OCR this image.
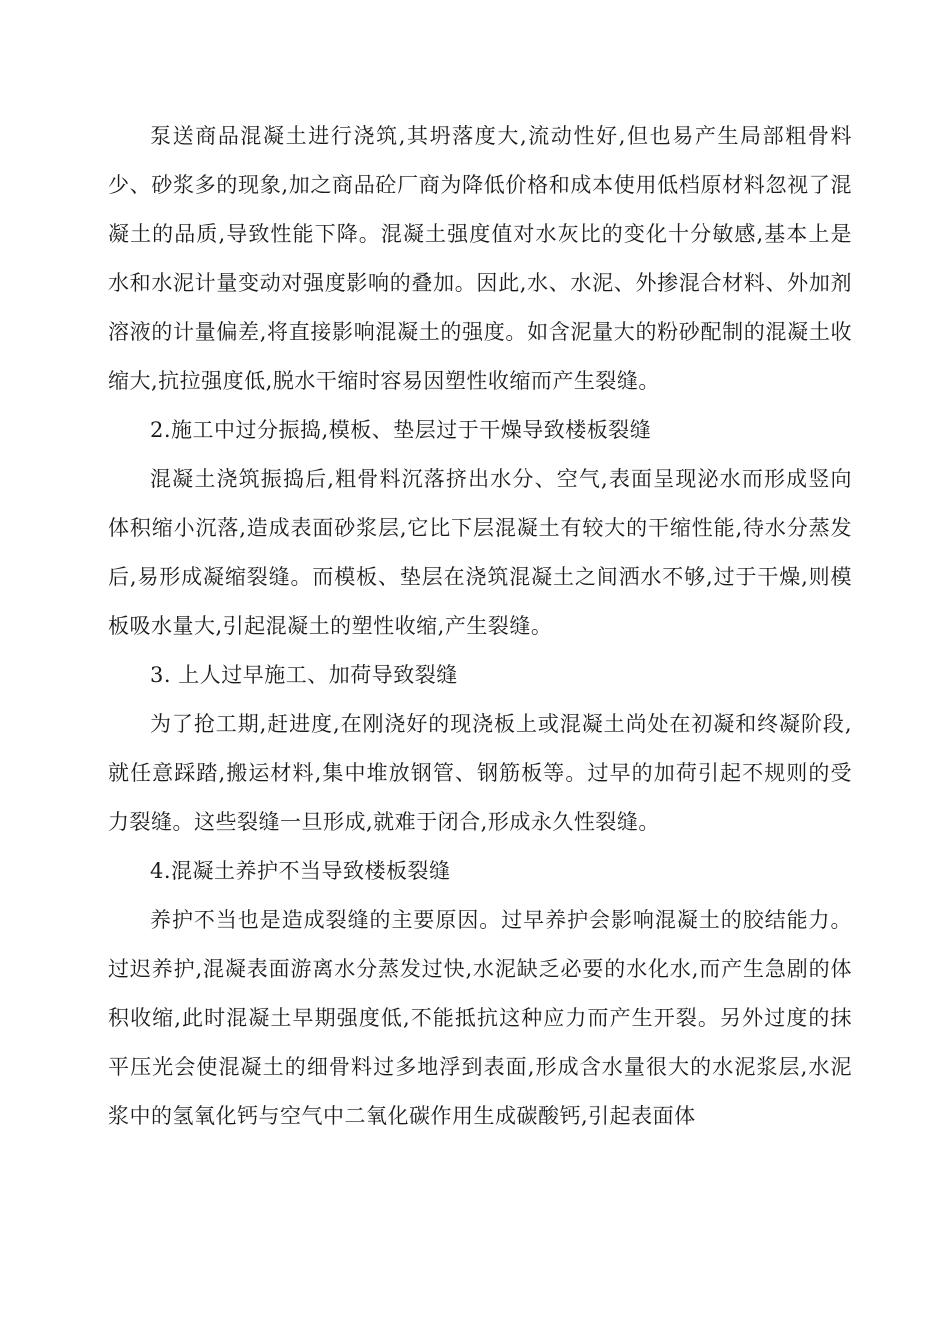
泵送商品混凝土进行浇筑,其坍落度大,流动性好,但也易产生局部粗骨料少、砂浆多的现象,加之商品砼厂商为降低价格和成本使用低档原材料忽视了混凝土的品质,导致性能下降。混凝土强度值对水灰比的变化十分敏感,基本上是水和水泥计量变动对强度影响的叠加。因此,水、水泥、外掺混合材料、外加剂溶液的计量偏差,将直接影响混凝土的强度。如含泥量大的粉砂配制的混凝土收缩大,抗拉强度低,脱水干缩时容易因塑性收缩而产生裂缝。

2.施工中过分振捣,模板、垫层过于干燥导致楼板裂缝

混凝土浇筑振捣后,粗骨料沉落挤出水分、空气,表面呈现泌水而形成竖向体积缩小沉落,造成表面砂浆层,它比下层混凝土有较大的干缩性能,待水分蒸发后,易形成凝缩裂缝。而模板、垫层在浇筑混凝土之间洒水不够,过于干燥,则模板吸水量大,引起混凝土的塑性收缩,产生裂缝。

3. 上人过早施工、加荷导致裂缝

为了抢工期,赶进度,在刚浇好的现浇板上或混凝土尚处在初凝和终凝阶段,就任意踩踏,搬运材料,集中堆放钢管、钢筋板等。过早的加荷引起不规则的受力裂缝。这些裂缝一旦形成,就难于闭合,形成永久性裂缝。

4.混凝土养护不当导致楼板裂缝

养护不当也是造成裂缝的主要原因。过早养护会影响混凝土的胶结能力。过迟养护,混凝表面游离水分蒸发过快,水泥缺乏必要的水化水,而产生急剧的体积收缩,此时混凝土早期强度低,不能抵抗这种应力而产生开裂。另外过度的抹平压光会使混凝土的细骨料过多地浮到表面,形成含水量很大的水泥浆层,水泥浆中的氢氧化钙与空气中二氧化碳作用生成碳酸钙,引起表面体
